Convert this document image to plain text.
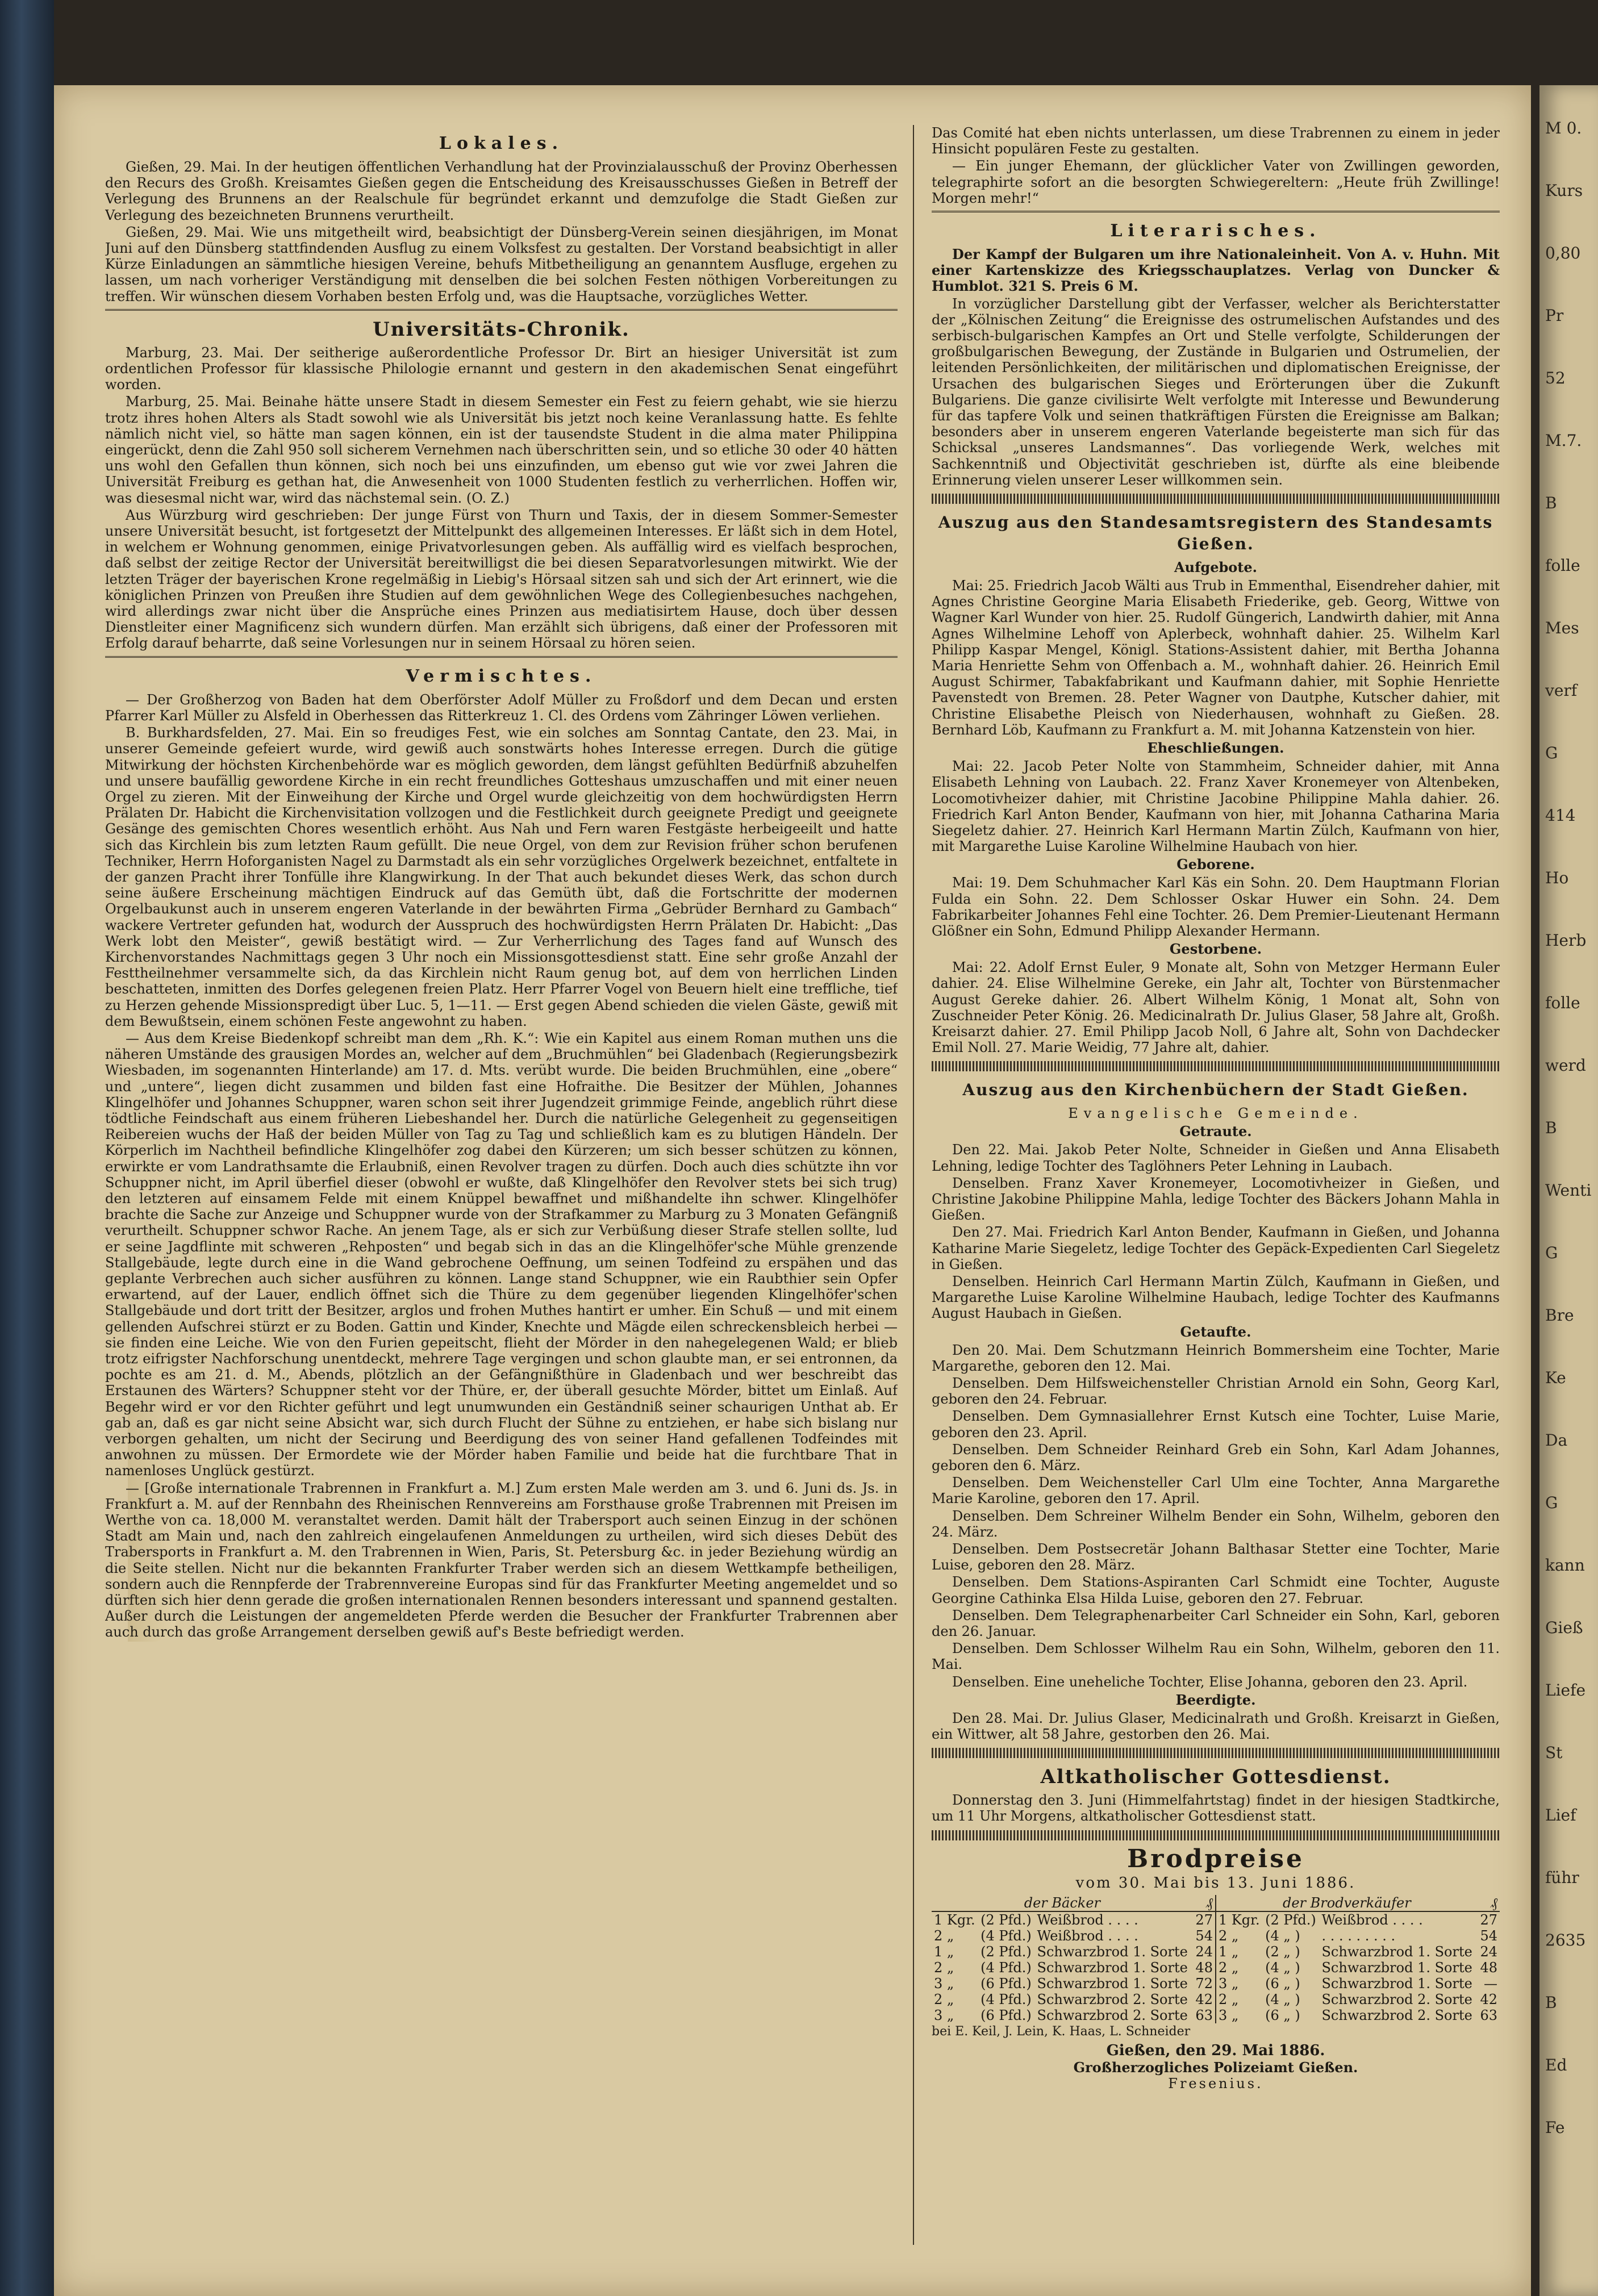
Lokales.

Gießen, 29. Mai. In der heutigen öffentlichen Verhandlung hat der Provinzialausschuß der Provinz Oberhessen den Recurs des Großh. Kreisamtes Gießen gegen die Entscheidung des Kreisausschusses Gießen in Betreff der Verlegung des Brunnens an der Realschule für begründet erkannt und demzufolge die Stadt Gießen zur Verlegung des bezeichneten Brunnens verurtheilt.

Gießen, 29. Mai. Wie uns mitgetheilt wird, beabsichtigt der Dünsberg-Verein seinen diesjährigen, im Monat Juni auf den Dünsberg stattfindenden Ausflug zu einem Volksfest zu gestalten. Der Vorstand beabsichtigt in aller Kürze Einladungen an sämmtliche hiesigen Vereine, behufs Mitbetheiligung an genanntem Ausfluge, ergehen zu lassen, um nach vorheriger Verständigung mit denselben die bei solchen Festen nöthigen Vorbereitungen zu treffen. Wir wünschen diesem Vorhaben besten Erfolg und, was die Hauptsache, vorzügliches Wetter.

Universitäts-Chronik.

Marburg, 23. Mai. Der seitherige außerordentliche Professor Dr. Birt an hiesiger Universität ist zum ordentlichen Professor für klassische Philologie ernannt und gestern in den akademischen Senat eingeführt worden.

Marburg, 25. Mai. Beinahe hätte unsere Stadt in diesem Semester ein Fest zu feiern gehabt, wie sie hierzu trotz ihres hohen Alters als Stadt sowohl wie als Universität bis jetzt noch keine Veranlassung hatte. Es fehlte nämlich nicht viel, so hätte man sagen können, ein ist der tausendste Student in die alma mater Philippina eingerückt, denn die Zahl 950 soll sicherem Vernehmen nach überschritten sein, und so etliche 30 oder 40 hätten uns wohl den Gefallen thun können, sich noch bei uns einzufinden, um ebenso gut wie vor zwei Jahren die Universität Freiburg es gethan hat, die Anwesenheit von 1000 Studenten festlich zu verherrlichen. Hoffen wir, was diesesmal nicht war, wird das nächstemal sein. (O. Z.)

Aus Würzburg wird geschrieben: Der junge Fürst von Thurn und Taxis, der in diesem Sommer-Semester unsere Universität besucht, ist fortgesetzt der Mittelpunkt des allgemeinen Interesses. Er läßt sich in dem Hotel, in welchem er Wohnung genommen, einige Privatvorlesungen geben. Als auffällig wird es vielfach besprochen, daß selbst der zeitige Rector der Universität bereitwilligst die bei diesen Separatvorlesungen mitwirkt. Wie der letzten Träger der bayerischen Krone regelmäßig in Liebig's Hörsaal sitzen sah und sich der Art erinnert, wie die königlichen Prinzen von Preußen ihre Studien auf dem gewöhnlichen Wege des Collegienbesuches nachgehen, wird allerdings zwar nicht über die Ansprüche eines Prinzen aus mediatisirtem Hause, doch über dessen Dienstleiter einer Magnificenz sich wundern dürfen. Man erzählt sich übrigens, daß einer der Professoren mit Erfolg darauf beharrte, daß seine Vorlesungen nur in seinem Hörsaal zu hören seien.

Vermischtes.

— Der Großherzog von Baden hat dem Oberförster Adolf Müller zu Froßdorf und dem Decan und ersten Pfarrer Karl Müller zu Alsfeld in Oberhessen das Ritterkreuz 1. Cl. des Ordens vom Zähringer Löwen verliehen.

B. Burkhardsfelden, 27. Mai. Ein so freudiges Fest, wie ein solches am Sonntag Cantate, den 23. Mai, in unserer Gemeinde gefeiert wurde, wird gewiß auch sonstwärts hohes Interesse erregen. Durch die gütige Mitwirkung der höchsten Kirchenbehörde war es möglich geworden, dem längst gefühlten Bedürfniß abzuhelfen und unsere baufällig gewordene Kirche in ein recht freundliches Gotteshaus umzuschaffen und mit einer neuen Orgel zu zieren. Mit der Einweihung der Kirche und Orgel wurde gleichzeitig von dem hochwürdigsten Herrn Prälaten Dr. Habicht die Kirchenvisitation vollzogen und die Festlichkeit durch geeignete Predigt und geeignete Gesänge des gemischten Chores wesentlich erhöht. Aus Nah und Fern waren Festgäste herbeigeeilt und hatte sich das Kirchlein bis zum letzten Raum gefüllt. Die neue Orgel, von dem zur Revision früher schon berufenen Techniker, Herrn Hoforganisten Nagel zu Darmstadt als ein sehr vorzügliches Orgelwerk bezeichnet, entfaltete in der ganzen Pracht ihrer Tonfülle ihre Klangwirkung. In der That auch bekundet dieses Werk, das schon durch seine äußere Erscheinung mächtigen Eindruck auf das Gemüth übt, daß die Fortschritte der modernen Orgelbaukunst auch in unserem engeren Vaterlande in der bewährten Firma „Gebrüder Bernhard zu Gambach“ wackere Vertreter gefunden hat, wodurch der Ausspruch des hochwürdigsten Herrn Prälaten Dr. Habicht: „Das Werk lobt den Meister“, gewiß bestätigt wird. — Zur Verherrlichung des Tages fand auf Wunsch des Kirchenvorstandes Nachmittags gegen 3 Uhr noch ein Missionsgottesdienst statt. Eine sehr große Anzahl der Festtheilnehmer versammelte sich, da das Kirchlein nicht Raum genug bot, auf dem von herrlichen Linden beschatteten, inmitten des Dorfes gelegenen freien Platz. Herr Pfarrer Vogel von Beuern hielt eine treffliche, tief zu Herzen gehende Missionspredigt über Luc. 5, 1—11. — Erst gegen Abend schieden die vielen Gäste, gewiß mit dem Bewußtsein, einem schönen Feste angewohnt zu haben.

— Aus dem Kreise Biedenkopf schreibt man dem „Rh. K.“: Wie ein Kapitel aus einem Roman muthen uns die näheren Umstände des grausigen Mordes an, welcher auf dem „Bruchmühlen“ bei Gladenbach (Regierungsbezirk Wiesbaden, im sogenannten Hinterlande) am 17. d. Mts. verübt wurde. Die beiden Bruchmühlen, eine „obere“ und „untere“, liegen dicht zusammen und bilden fast eine Hofraithe. Die Besitzer der Mühlen, Johannes Klingelhöfer und Johannes Schuppner, waren schon seit ihrer Jugendzeit grimmige Feinde, angeblich rührt diese tödtliche Feindschaft aus einem früheren Liebeshandel her. Durch die natürliche Gelegenheit zu gegenseitigen Reibereien wuchs der Haß der beiden Müller von Tag zu Tag und schließlich kam es zu blutigen Händeln. Der Körperlich im Nachtheil befindliche Klingelhöfer zog dabei den Kürzeren; um sich besser schützen zu können, erwirkte er vom Landrathsamte die Erlaubniß, einen Revolver tragen zu dürfen. Doch auch dies schützte ihn vor Schuppner nicht, im April überfiel dieser (obwohl er wußte, daß Klingelhöfer den Revolver stets bei sich trug) den letzteren auf einsamem Felde mit einem Knüppel bewaffnet und mißhandelte ihn schwer. Klingelhöfer brachte die Sache zur Anzeige und Schuppner wurde von der Strafkammer zu Marburg zu 3 Monaten Gefängniß verurtheilt. Schuppner schwor Rache. An jenem Tage, als er sich zur Verbüßung dieser Strafe stellen sollte, lud er seine Jagdflinte mit schweren „Rehposten“ und begab sich in das an die Klingelhöfer'sche Mühle grenzende Stallgebäude, legte durch eine in die Wand gebrochene Oeffnung, um seinen Todfeind zu erspähen und das geplante Verbrechen auch sicher ausführen zu können. Lange stand Schuppner, wie ein Raubthier sein Opfer erwartend, auf der Lauer, endlich öffnet sich die Thüre zu dem gegenüber liegenden Klingelhöfer'schen Stallgebäude und dort tritt der Besitzer, arglos und frohen Muthes hantirt er umher. Ein Schuß — und mit einem gellenden Aufschrei stürzt er zu Boden. Gattin und Kinder, Knechte und Mägde eilen schreckensbleich herbei — sie finden eine Leiche. Wie von den Furien gepeitscht, flieht der Mörder in den nahegelegenen Wald; er blieb trotz eifrigster Nachforschung unentdeckt, mehrere Tage vergingen und schon glaubte man, er sei entronnen, da pochte es am 21. d. M., Abends, plötzlich an der Gefängnißthüre in Gladenbach und wer beschreibt das Erstaunen des Wärters? Schuppner steht vor der Thüre, er, der überall gesuchte Mörder, bittet um Einlaß. Auf Begehr wird er vor den Richter geführt und legt unumwunden ein Geständniß seiner schaurigen Unthat ab. Er gab an, daß es gar nicht seine Absicht war, sich durch Flucht der Sühne zu entziehen, er habe sich bislang nur verborgen gehalten, um nicht der Secirung und Beerdigung des von seiner Hand gefallenen Todfeindes mit anwohnen zu müssen. Der Ermordete wie der Mörder haben Familie und beide hat die furchtbare That in namenloses Unglück gestürzt.

— [Große internationale Trabrennen in Frankfurt a. M.] Zum ersten Male werden am 3. und 6. Juni ds. Js. in Frankfurt a. M. auf der Rennbahn des Rheinischen Rennvereins am Forsthause große Trabrennen mit Preisen im Werthe von ca. 18,000 M. veranstaltet werden. Damit hält der Trabersport auch seinen Einzug in der schönen Stadt am Main und, nach den zahlreich eingelaufenen Anmeldungen zu urtheilen, wird sich dieses Debüt des Trabersports in Frankfurt a. M. den Trabrennen in Wien, Paris, St. Petersburg &c. in jeder Beziehung würdig an die Seite stellen. Nicht nur die bekannten Frankfurter Traber werden sich an diesem Wettkampfe betheiligen, sondern auch die Rennpferde der Trabrennvereine Europas sind für das Frankfurter Meeting angemeldet und so dürften sich hier denn gerade die großen internationalen Rennen besonders interessant und spannend gestalten. Außer durch die Leistungen der angemeldeten Pferde werden die Besucher der Frankfurter Trabrennen aber auch durch das große Arrangement derselben gewiß auf's Beste befriedigt werden.

Das Comité hat eben nichts unterlassen, um diese Trabrennen zu einem in jeder Hinsicht populären Feste zu gestalten.

— Ein junger Ehemann, der glücklicher Vater von Zwillingen geworden, telegraphirte sofort an die besorgten Schwiegereltern: „Heute früh Zwillinge! Morgen mehr!“

Literarisches.

Der Kampf der Bulgaren um ihre Nationaleinheit. Von A. v. Huhn. Mit einer Kartenskizze des Kriegsschauplatzes. Verlag von Duncker & Humblot. 321 S. Preis 6 M.

In vorzüglicher Darstellung gibt der Verfasser, welcher als Berichterstatter der „Kölnischen Zeitung“ die Ereignisse des ostrumelischen Aufstandes und des serbisch-bulgarischen Kampfes an Ort und Stelle verfolgte, Schilderungen der großbulgarischen Bewegung, der Zustände in Bulgarien und Ostrumelien, der leitenden Persönlichkeiten, der militärischen und diplomatischen Ereignisse, der Ursachen des bulgarischen Sieges und Erörterungen über die Zukunft Bulgariens. Die ganze civilisirte Welt verfolgte mit Interesse und Bewunderung für das tapfere Volk und seinen thatkräftigen Fürsten die Ereignisse am Balkan; besonders aber in unserem engeren Vaterlande begeisterte man sich für das Schicksal „unseres Landsmannes“. Das vorliegende Werk, welches mit Sachkenntniß und Objectivität geschrieben ist, dürfte als eine bleibende Erinnerung vielen unserer Leser willkommen sein.

Auszug aus den Standesamtsregistern des Standesamts Gießen.
Aufgebote.

Mai: 25. Friedrich Jacob Wälti aus Trub in Emmenthal, Eisendreher dahier, mit Agnes Christine Georgine Maria Elisabeth Friederike, geb. Georg, Wittwe von Wagner Karl Wunder von hier. 25. Rudolf Güngerich, Landwirth dahier, mit Anna Agnes Wilhelmine Lehoff von Aplerbeck, wohnhaft dahier. 25. Wilhelm Karl Philipp Kaspar Mengel, Königl. Stations-Assistent dahier, mit Bertha Johanna Maria Henriette Sehm von Offenbach a. M., wohnhaft dahier. 26. Heinrich Emil August Schirmer, Tabakfabrikant und Kaufmann dahier, mit Sophie Henriette Pavenstedt von Bremen. 28. Peter Wagner von Dautphe, Kutscher dahier, mit Christine Elisabethe Pleisch von Niederhausen, wohnhaft zu Gießen. 28. Bernhard Löb, Kaufmann zu Frankfurt a. M. mit Johanna Katzenstein von hier.

Eheschließungen.

Mai: 22. Jacob Peter Nolte von Stammheim, Schneider dahier, mit Anna Elisabeth Lehning von Laubach. 22. Franz Xaver Kronemeyer von Altenbeken, Locomotivheizer dahier, mit Christine Jacobine Philippine Mahla dahier. 26. Friedrich Karl Anton Bender, Kaufmann von hier, mit Johanna Catharina Maria Siegeletz dahier. 27. Heinrich Karl Hermann Martin Zülch, Kaufmann von hier, mit Margarethe Luise Karoline Wilhelmine Haubach von hier.

Geborene.

Mai: 19. Dem Schuhmacher Karl Käs ein Sohn. 20. Dem Hauptmann Florian Fulda ein Sohn. 22. Dem Schlosser Oskar Huwer ein Sohn. 24. Dem Fabrikarbeiter Johannes Fehl eine Tochter. 26. Dem Premier-Lieutenant Hermann Glößner ein Sohn, Edmund Philipp Alexander Hermann.

Gestorbene.

Mai: 22. Adolf Ernst Euler, 9 Monate alt, Sohn von Metzger Hermann Euler dahier. 24. Elise Wilhelmine Gereke, ein Jahr alt, Tochter von Bürstenmacher August Gereke dahier. 26. Albert Wilhelm König, 1 Monat alt, Sohn von Zuschneider Peter König. 26. Medicinalrath Dr. Julius Glaser, 58 Jahre alt, Großh. Kreisarzt dahier. 27. Emil Philipp Jacob Noll, 6 Jahre alt, Sohn von Dachdecker Emil Noll. 27. Marie Weidig, 77 Jahre alt, dahier.

Auszug aus den Kirchenbüchern der Stadt Gießen.
Evangelische Gemeinde.
Getraute.

Den 22. Mai. Jakob Peter Nolte, Schneider in Gießen und Anna Elisabeth Lehning, ledige Tochter des Taglöhners Peter Lehning in Laubach.

Denselben. Franz Xaver Kronemeyer, Locomotivheizer in Gießen, und Christine Jakobine Philippine Mahla, ledige Tochter des Bäckers Johann Mahla in Gießen.

Den 27. Mai. Friedrich Karl Anton Bender, Kaufmann in Gießen, und Johanna Katharine Marie Siegeletz, ledige Tochter des Gepäck-Expedienten Carl Siegeletz in Gießen.

Denselben. Heinrich Carl Hermann Martin Zülch, Kaufmann in Gießen, und Margarethe Luise Karoline Wilhelmine Haubach, ledige Tochter des Kaufmanns August Haubach in Gießen.

Getaufte.

Den 20. Mai. Dem Schutzmann Heinrich Bommersheim eine Tochter, Marie Margarethe, geboren den 12. Mai.

Denselben. Dem Hilfsweichensteller Christian Arnold ein Sohn, Georg Karl, geboren den 24. Februar.

Denselben. Dem Gymnasiallehrer Ernst Kutsch eine Tochter, Luise Marie, geboren den 23. April.

Denselben. Dem Schneider Reinhard Greb ein Sohn, Karl Adam Johannes, geboren den 6. März.

Denselben. Dem Weichensteller Carl Ulm eine Tochter, Anna Margarethe Marie Karoline, geboren den 17. April.

Denselben. Dem Schreiner Wilhelm Bender ein Sohn, Wilhelm, geboren den 24. März.

Denselben. Dem Postsecretär Johann Balthasar Stetter eine Tochter, Marie Luise, geboren den 28. März.

Denselben. Dem Stations-Aspiranten Carl Schmidt eine Tochter, Auguste Georgine Cathinka Elsa Hilda Luise, geboren den 27. Februar.

Denselben. Dem Telegraphenarbeiter Carl Schneider ein Sohn, Karl, geboren den 26. Januar.

Denselben. Dem Schlosser Wilhelm Rau ein Sohn, Wilhelm, geboren den 11. Mai.

Denselben. Eine uneheliche Tochter, Elise Johanna, geboren den 23. April.

Beerdigte.

Den 28. Mai. Dr. Julius Glaser, Medicinalrath und Großh. Kreisarzt in Gießen, ein Wittwer, alt 58 Jahre, gestorben den 26. Mai.

Altkatholischer Gottesdienst.

Donnerstag den 3. Juni (Himmelfahrtstag) findet in der hiesigen Stadtkirche, um 11 Uhr Morgens, altkatholischer Gottesdienst statt.

Brodpreise
vom 30. Mai bis 13. Juni 1886.
der Bäcker			₰	der Brodverkäufer			₰
1 Kgr.	(2 Pfd.)	Weißbrod . . . .	27	1 Kgr.	(2 Pfd.)	Weißbrod . . . .	27
2 „	(4 Pfd.)	Weißbrod . . . .	54	2 „	(4 „ )	. . . . . . . . .	54
1 „	(2 Pfd.)	Schwarzbrod 1. Sorte	24	1 „	(2 „ )	Schwarzbrod 1. Sorte	24
2 „	(4 Pfd.)	Schwarzbrod 1. Sorte	48	2 „	(4 „ )	Schwarzbrod 1. Sorte	48
3 „	(6 Pfd.)	Schwarzbrod 1. Sorte	72	3 „	(6 „ )	Schwarzbrod 1. Sorte	—
2 „	(4 Pfd.)	Schwarzbrod 2. Sorte	42	2 „	(4 „ )	Schwarzbrod 2. Sorte	42
3 „	(6 Pfd.)	Schwarzbrod 2. Sorte	63	3 „	(6 „ )	Schwarzbrod 2. Sorte	63
bei E. Keil, J. Lein, K. Haas, L. Schneider
Gießen, den 29. Mai 1886.
Großherzogliches Polizeiamt Gießen.
Fresenius.
M 0.
Kurs
0,80
Pr
52
M.7.
B
folle
Mes
verf
G
414
Ho
Herb
folle
werd
B
Wenti
G
Bre
Ke
Da
G
kann
Gieß
Liefe
St
Lief
führ
2635
B
Ed
Fe
